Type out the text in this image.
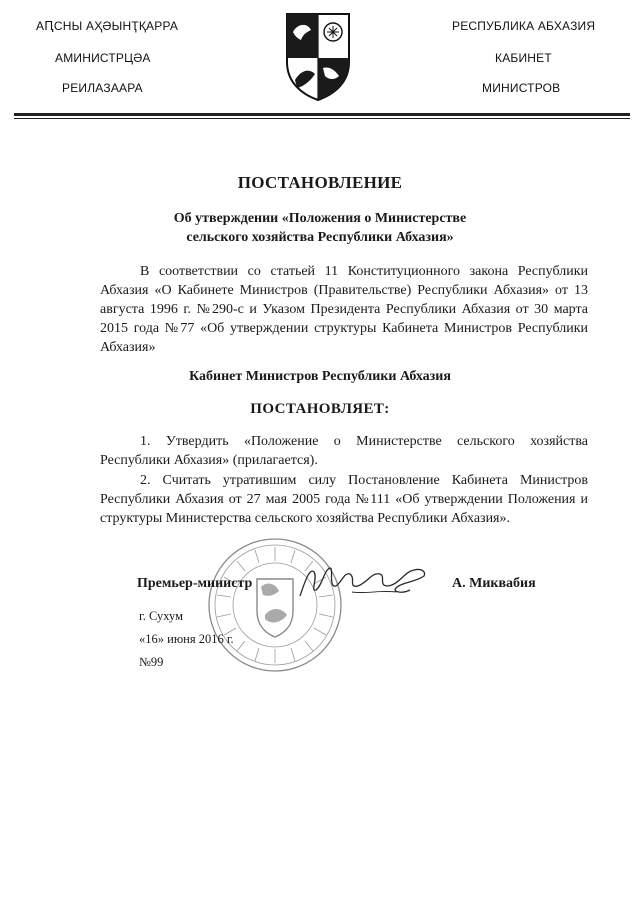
АԤСНЫ АҲӘЫНҬҚАРРА
АМИНИСТРЦӘА
РЕИЛАЗААРА
РЕСПУБЛИКА АБХАЗИЯ
КАБИНЕТ
МИНИСТРОВ
ПОСТАНОВЛЕНИЕ
Об утверждении «Положения о Министерстве
сельского хозяйства Республики Абхазия»
В соответствии со статьей 11 Конституционного закона Республики Абхазия «О Кабинете Министров (Правительстве) Республики Абхазия» от 13 августа 1996 г. №290-с и Указом Президента Республики Абхазия от 30 марта 2015 года №77 «Об утверждении структуры Кабинета Министров Республики Абхазия»
Кабинет Министров Республики Абхазия
ПОСТАНОВЛЯЕТ:
1. Утвердить «Положение о Министерстве сельского хозяйства Республики Абхазия» (прилагается).
2. Считать утратившим силу Постановление Кабинета Министров Республики Абхазия от 27 мая 2005 года №111 «Об утверждении Положения и структуры Министерства сельского хозяйства Республики Абхазия».
Премьер-министр	А. Миквабия
г. Сухум
«16» июня 2016 г.
№99
